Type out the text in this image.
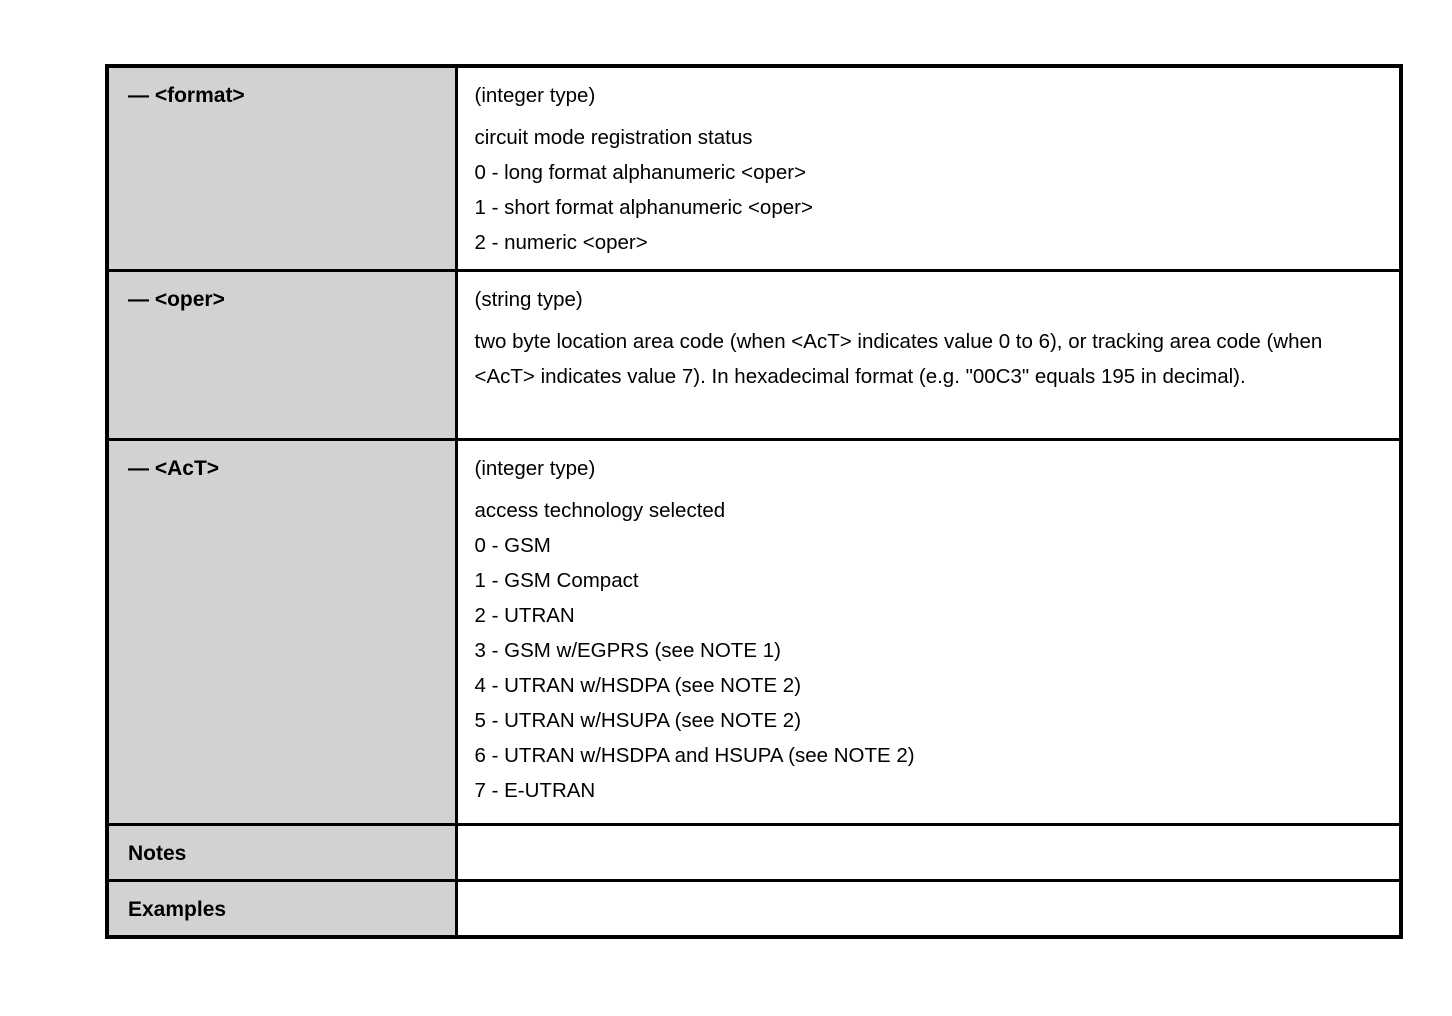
— <format>	(integer type)
circuit mode registration status
0 - long format alphanumeric <oper>
1 - short format alphanumeric <oper>
2 - numeric <oper>

— <oper>	(string type)
two byte location area code (when <AcT> indicates value 0 to 6), or tracking area code (when <AcT> indicates value 7). In hexadecimal format (e.g. "00C3" equals 195 in decimal).

— <AcT>	(integer type)
access technology selected
0 - GSM
1 - GSM Compact
2 - UTRAN
3 - GSM w/EGPRS (see NOTE 1)
4 - UTRAN w/HSDPA (see NOTE 2)
5 - UTRAN w/HSUPA (see NOTE 2)
6 - UTRAN w/HSDPA and HSUPA (see NOTE 2)
7 - E-UTRAN

Notes	
Examples	
